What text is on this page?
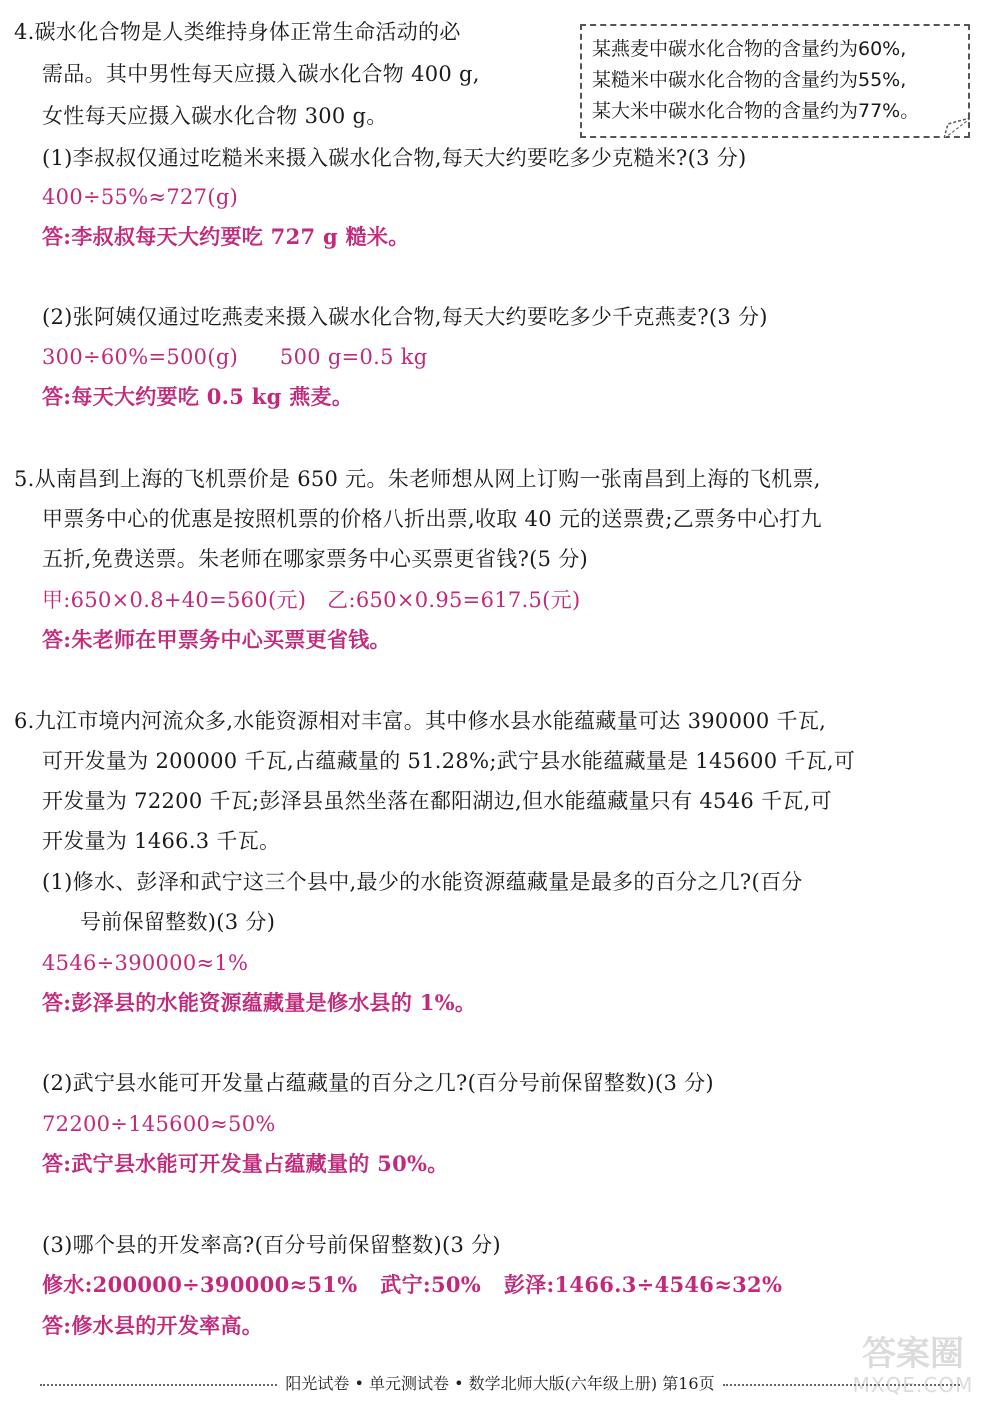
4.碳水化合物是人类维持身体正常生命活动的必
需品。其中男性每天应摄入碳水化合物 400 g,
女性每天应摄入碳水化合物 300 g。
某燕麦中碳水化合物的含量约为60%,
某糙米中碳水化合物的含量约为55%,
某大米中碳水化合物的含量约为77%。
(1)李叔叔仅通过吃糙米来摄入碳水化合物,每天大约要吃多少克糙米?(3 分)
400÷55%≈727(g)
答:李叔叔每天大约要吃 727 g 糙米。
(2)张阿姨仅通过吃燕麦来摄入碳水化合物,每天大约要吃多少千克燕麦?(3 分)
300÷60%=500(g)      500 g=0.5 kg
答:每天大约要吃 0.5 kg 燕麦。
5.从南昌到上海的飞机票价是 650 元。朱老师想从网上订购一张南昌到上海的飞机票,
甲票务中心的优惠是按照机票的价格八折出票,收取 40 元的送票费;乙票务中心打九
五折,免费送票。朱老师在哪家票务中心买票更省钱?(5 分)
甲:650×0.8+40=560(元)   乙:650×0.95=617.5(元)
答:朱老师在甲票务中心买票更省钱。
6.九江市境内河流众多,水能资源相对丰富。其中修水县水能蕴藏量可达 390000 千瓦,
可开发量为 200000 千瓦,占蕴藏量的 51.28%;武宁县水能蕴藏量是 145600 千瓦,可
开发量为 72200 千瓦;彭泽县虽然坐落在鄱阳湖边,但水能蕴藏量只有 4546 千瓦,可
开发量为 1466.3 千瓦。
(1)修水、彭泽和武宁这三个县中,最少的水能资源蕴藏量是最多的百分之几?(百分
号前保留整数)(3 分)
4546÷390000≈1%
答:彭泽县的水能资源蕴藏量是修水县的 1%。
(2)武宁县水能可开发量占蕴藏量的百分之几?(百分号前保留整数)(3 分)
72200÷145600≈50%
答:武宁县水能可开发量占蕴藏量的 50%。
(3)哪个县的开发率高?(百分号前保留整数)(3 分)
修水:200000÷390000≈51%   武宁:50%   彭泽:1466.3÷4546≈32%
答:修水县的开发率高。
阳光试卷 • 单元测试卷 • 数学北师大版(六年级上册) 第16页
答案圈
MXQE.COM
